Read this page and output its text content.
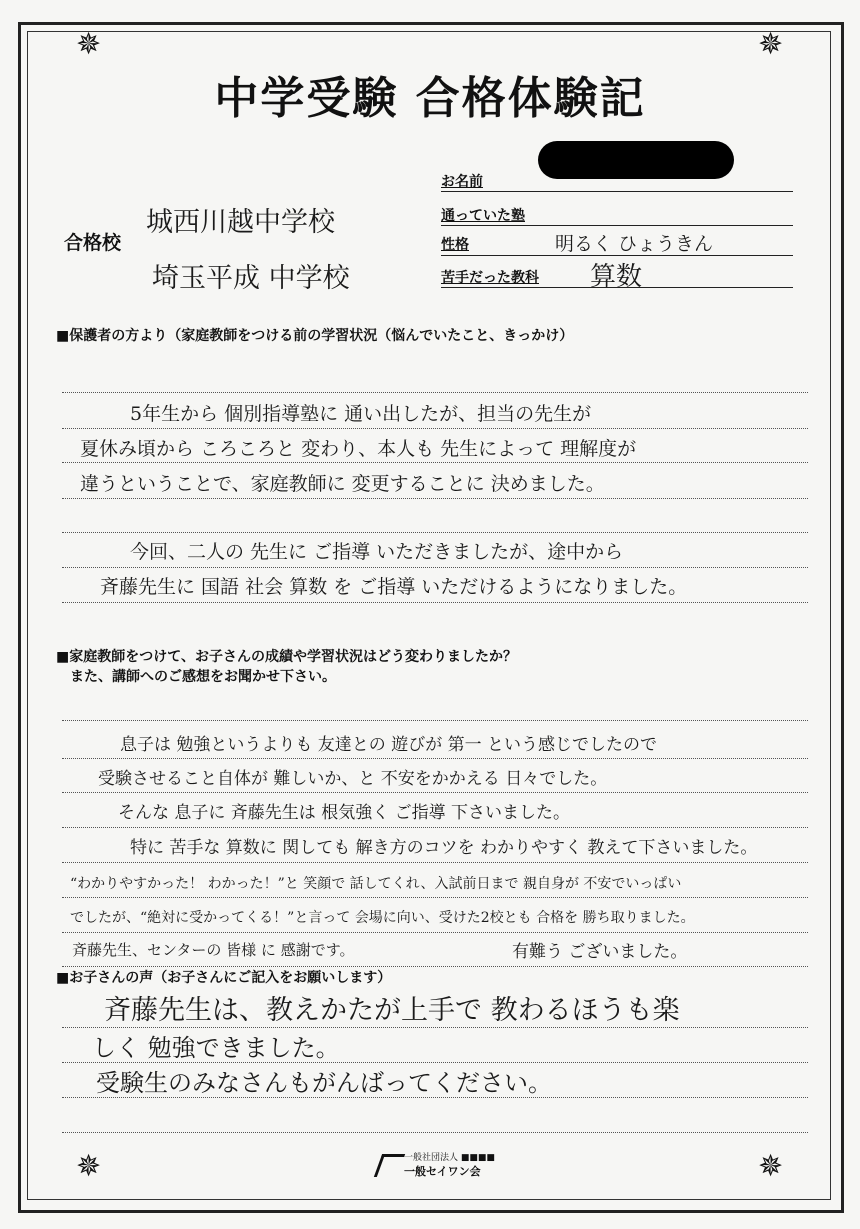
✵	✵
✵	✵
中学受験 合格体験記
お名前
通っていた塾
性格	明るく ひょうきん
苦手だった教科 算数
合格校
城西川越中学校
埼玉平成 中学校
■保護者の方より（家庭教師をつける前の学習状況（悩んでいたこと、きっかけ）
5年生から 個別指導塾に 通い出したが、担当の先生が
夏休み頃から ころころと 変わり、本人も 先生によって 理解度が
違うということで、家庭教師に 変更することに 決めました。
今回、二人の 先生に ご指導 いただきましたが、途中から
斉藤先生に 国語 社会 算数 を ご指導 いただけるようになりました。
■家庭教師をつけて、お子さんの成績や学習状況はどう変わりましたか？
また、講師へのご感想をお聞かせ下さい。
息子は 勉強というよりも 友達との 遊びが 第一 という感じでしたので
受験させること自体が 難しいか、と 不安をかかえる 日々でした。
そんな 息子に 斉藤先生は 根気強く ご指導 下さいました。
特に 苦手な 算数に 関しても 解き方のコツを わかりやすく 教えて下さいました。
“わかりやすかった！ わかった！”と 笑顔で 話してくれ、入試前日まで 親自身が 不安でいっぱい
でしたが、“絶対に受かってくる！”と言って 会場に向い、受けた2校とも 合格を 勝ち取りました。
斉藤先生、センターの 皆様 に 感謝です。	有難う ございました。
■お子さんの声（お子さんにご記入をお願いします）
斉藤先生は、教えかたが上手で 教わるほうも楽
しく 勉強できました。
受験生のみなさんもがんばってください。
一般社団法人 ■■■■
一般セイワン会
